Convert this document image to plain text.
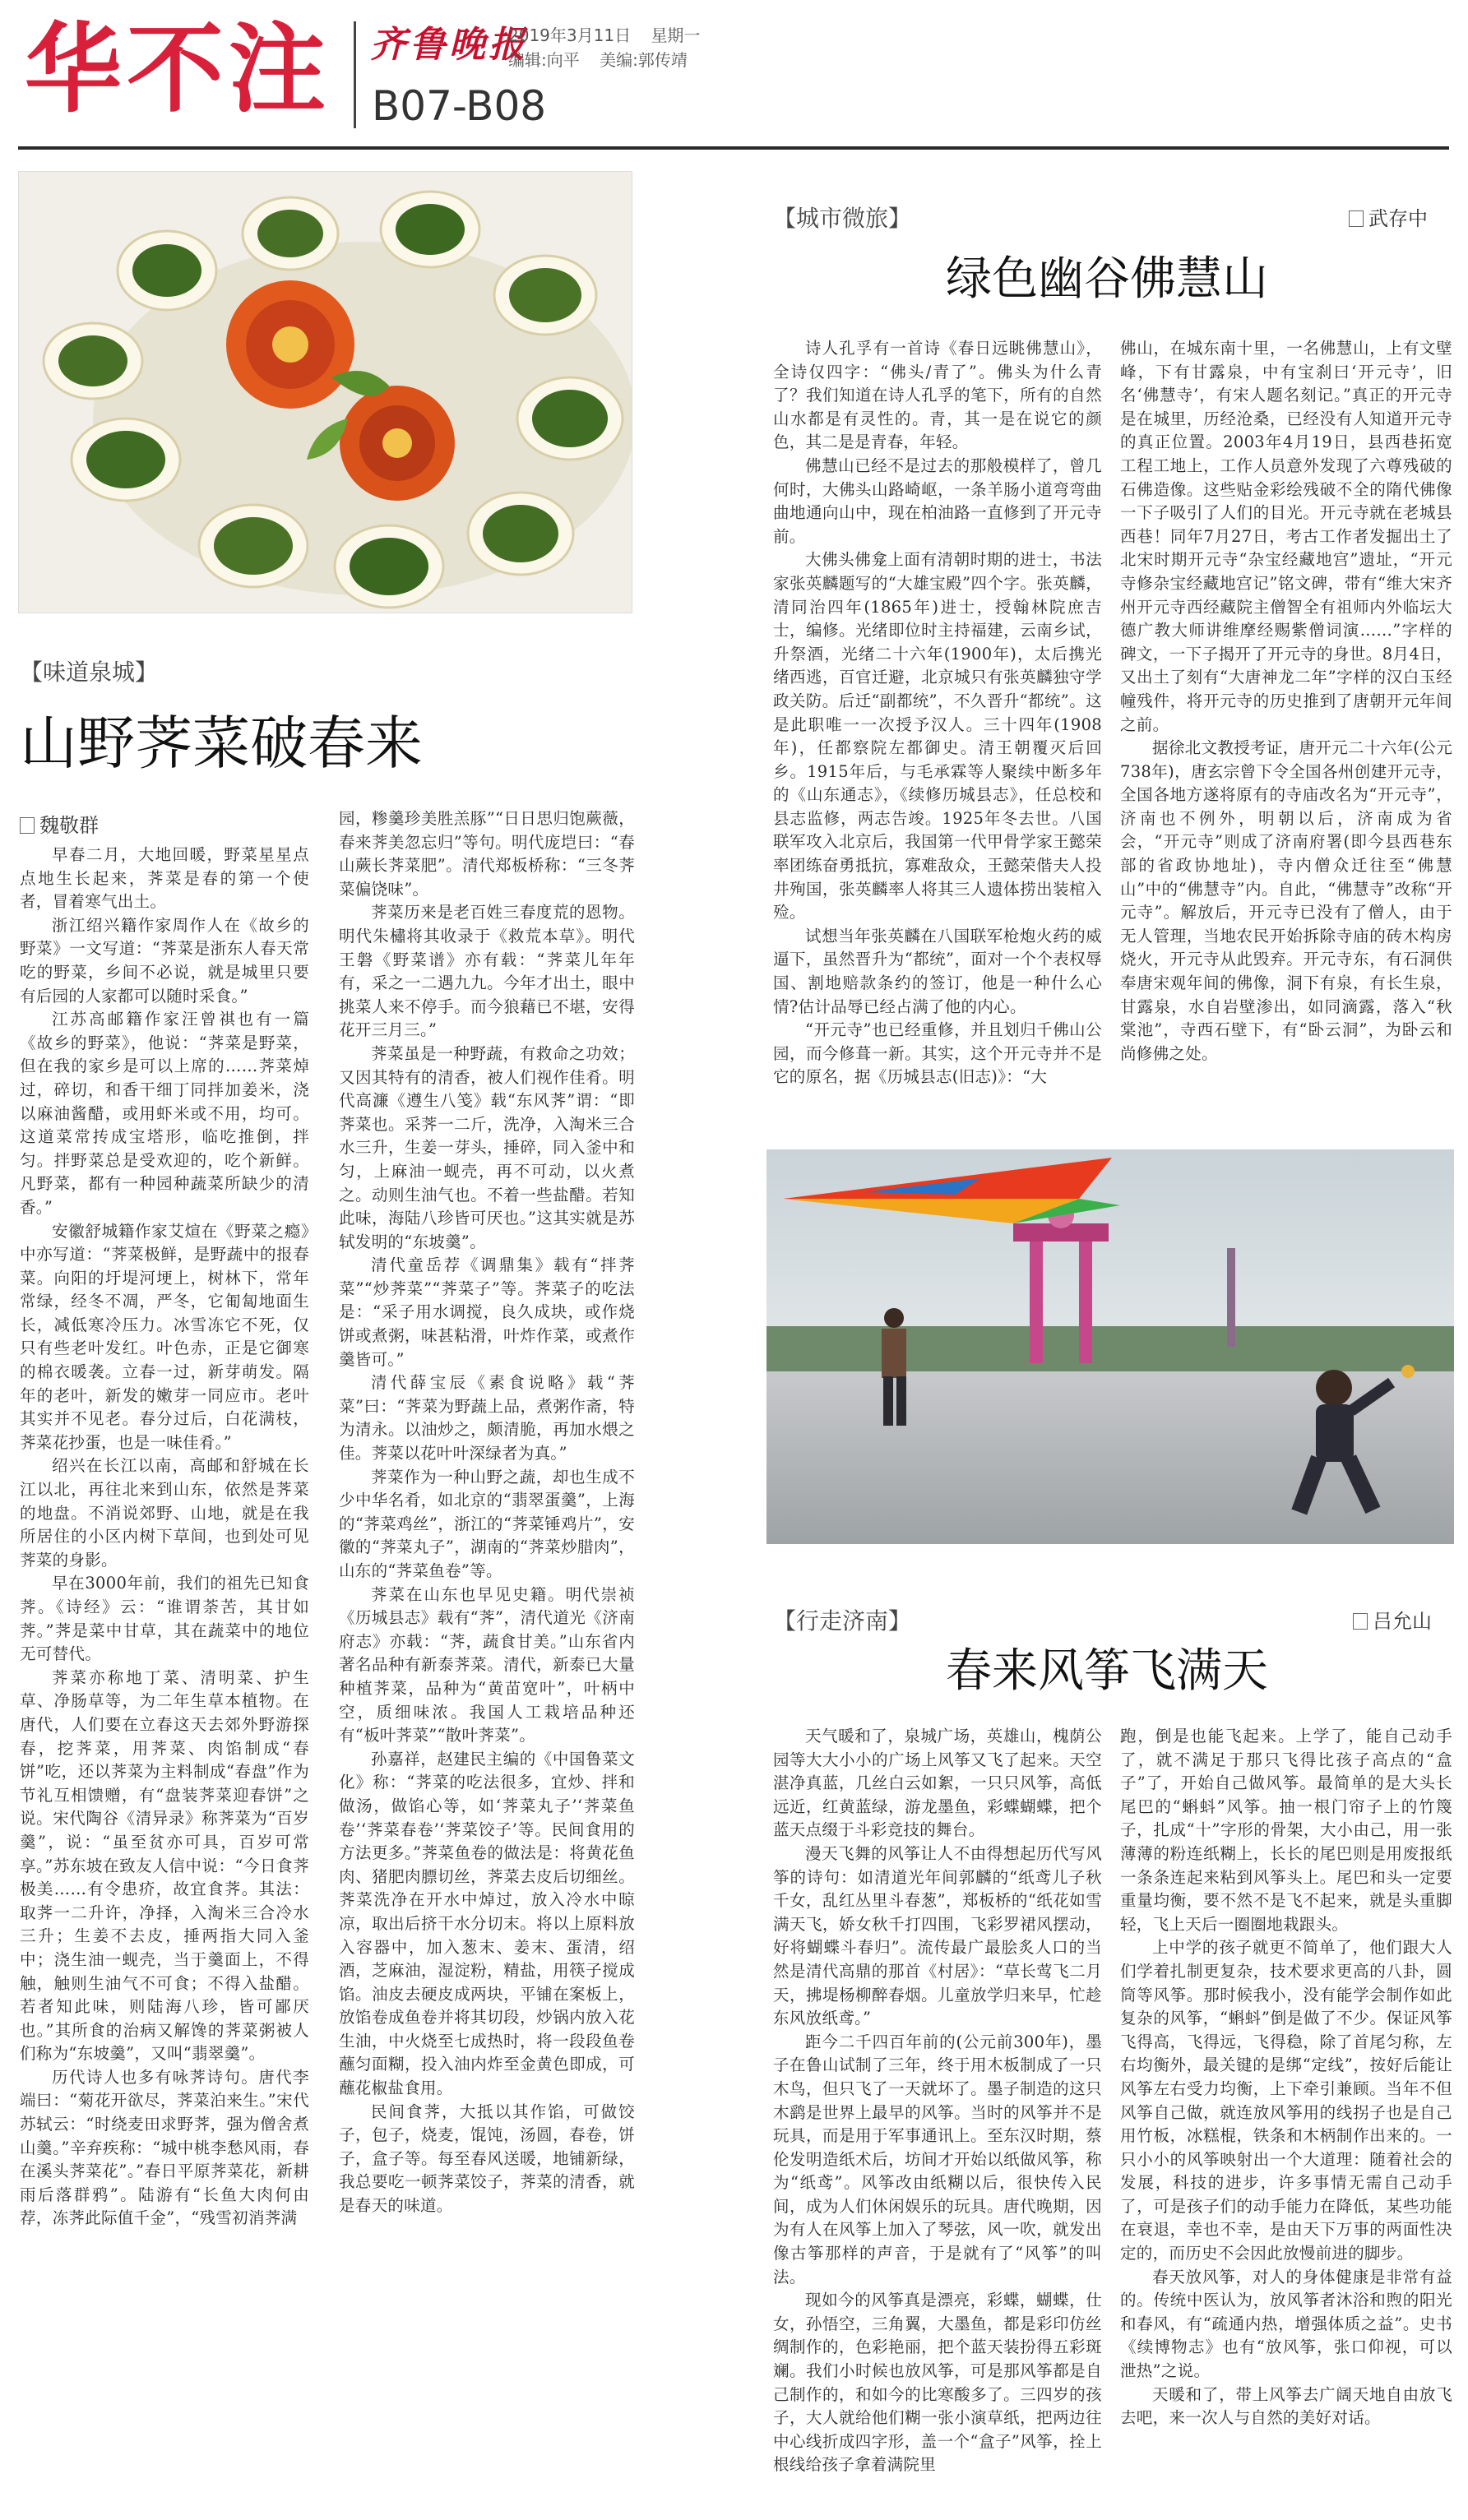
华不注 齐鲁晚报
2019年3月11日 星期一
编辑:向平 美编:郭传靖
B07-B08
【味道泉城】
山野荠菜破春来
魏敬群

早春二月，大地回暖，野菜星星点点地生长起来，荠菜是春的第一个使者，冒着寒气出土。

浙江绍兴籍作家周作人在《故乡的野菜》一文写道：“荠菜是浙东人春天常吃的野菜，乡间不必说，就是城里只要有后园的人家都可以随时采食。”

江苏高邮籍作家汪曾祺也有一篇《故乡的野菜》，他说：“荠菜是野菜，但在我的家乡是可以上席的……荠菜焯过，碎切，和香干细丁同拌加姜米，浇以麻油酱醋，或用虾米或不用，均可。这道菜常抟成宝塔形，临吃推倒，拌匀。拌野菜总是受欢迎的，吃个新鲜。凡野菜，都有一种园种蔬菜所缺少的清香。”

安徽舒城籍作家艾煊在《野菜之瘾》中亦写道：“荠菜极鲜，是野蔬中的报春菜。向阳的圩堤河埂上，树林下，常年常绿，经冬不凋，严冬，它匍匐地面生长，减低寒冷压力。冰雪冻它不死，仅只有些老叶发红。叶色赤，正是它御寒的棉衣暖袭。立春一过，新芽萌发。隔年的老叶，新发的嫩芽一同应市。老叶其实并不见老。春分过后，白花满枝，荠菜花抄蛋，也是一味佳肴。”

绍兴在长江以南，高邮和舒城在长江以北，再往北来到山东，依然是荠菜的地盘。不消说郊野、山地，就是在我所居住的小区内树下草间，也到处可见荠菜的身影。

早在3000年前，我们的祖先已知食荠。《诗经》云：“谁谓荼苦，其甘如荠。”荠是菜中甘草，其在蔬菜中的地位无可替代。

荠菜亦称地丁菜、清明菜、护生草、净肠草等，为二年生草本植物。在唐代，人们要在立春这天去郊外野游探春，挖荠菜，用荠菜、肉馅制成“春饼”吃，还以荠菜为主料制成“春盘”作为节礼互相馈赠，有“盘装荠菜迎春饼”之说。宋代陶谷《清异录》称荠菜为“百岁羹”，说：“虽至贫亦可具，百岁可常享。”苏东坡在致友人信中说：“今日食荠极美……有令患疥，故宜食荠。其法：取荠一二升许，净择，入淘米三合冷水三升；生姜不去皮，捶两指大同入釜中；浇生油一蚬壳，当于羹面上，不得触，触则生油气不可食；不得入盐醋。若者知此味，则陆海八珍，皆可鄙厌也。”其所食的治病又解馋的荠菜粥被人们称为“东坡羹”，又叫“翡翠羹”。

历代诗人也多有咏荠诗句。唐代李端曰：“菊花开欲尽，荠菜泊来生。”宋代苏轼云：“时绕麦田求野荠，强为僧舍煮山羹。”辛弃疾称：“城中桃李愁风雨，春在溪头荠菜花”。”春日平原荠菜花，新耕雨后落群鸦”。陆游有“长鱼大肉何由荐，冻荠此际值千金”，“残雪初消荠满

园，糁羹珍美胜羔豚”“日日思归饱蕨薇，春来荠美忽忘归”等句。明代庞垲曰：“春山蕨长荠菜肥”。清代郑板桥称：“三冬荠菜偏饶味”。

荠菜历来是老百姓三春度荒的恩物。明代朱橚将其收录于《救荒本草》。明代王磐《野菜谱》亦有载：“荠菜儿年年有，采之一二遇九九。今年才出土，眼中挑菜人来不停手。而今狼藉已不堪，安得花开三月三。”

荠菜虽是一种野蔬，有救命之功效；又因其特有的清香，被人们视作佳肴。明代高濂《遵生八笺》载“东风荠”谓：“即荠菜也。采荠一二斤，洗净，入淘米三合水三升，生姜一芽头，捶碎，同入釜中和匀，上麻油一蚬壳，再不可动，以火煮之。动则生油气也。不着一些盐醋。若知此味，海陆八珍皆可厌也。”这其实就是苏轼发明的“东坡羹”。

清代童岳荐《调鼎集》载有“拌荠菜”“炒荠菜”“荠菜子”等。荠菜子的吃法是：“采子用水调搅，良久成块，或作烧饼或煮粥，味甚粘滑，叶炸作菜，或煮作羹皆可。”

清代薛宝辰《素食说略》载“荠菜”曰：“荠菜为野蔬上品，煮粥作斋，特为清永。以油炒之，颇清脆，再加水煨之佳。荠菜以花叶叶深绿者为真。”

荠菜作为一种山野之蔬，却也生成不少中华名肴，如北京的“翡翠蛋羹”，上海的“荠菜鸡丝”，浙江的“荠菜锤鸡片”，安徽的“荠菜丸子”，湖南的“荠菜炒腊肉”，山东的“荠菜鱼卷”等。

荠菜在山东也早见史籍。明代崇祯《历城县志》载有“荠”，清代道光《济南府志》亦载：“荠，蔬食甘美。”山东省内著名品种有新泰荠菜。清代，新泰已大量种植荠菜，品种为“黄苗宽叶”，叶柄中空，质细味浓。我国人工栽培品种还有“板叶荠菜”“散叶荠菜”。

孙嘉祥，赵建民主编的《中国鲁菜文化》称：“荠菜的吃法很多，宜炒、拌和做汤，做馅心等，如‘荠菜丸子’‘荠菜鱼卷’‘荠菜春卷’‘荠菜饺子’等。民间食用的方法更多。”荠菜鱼卷的做法是：将黄花鱼肉、猪肥肉膘切丝，荠菜去皮后切细丝。荠菜洗净在开水中焯过，放入冷水中晾凉，取出后挤干水分切末。将以上原料放入容器中，加入葱末、姜末、蛋清，绍酒，芝麻油，湿淀粉，精盐，用筷子搅成馅。油皮去硬皮成两块，平铺在案板上，放馅卷成鱼卷并将其切段，炒锅内放入花生油，中火烧至七成热时，将一段段鱼卷蘸匀面糊，投入油内炸至金黄色即成，可蘸花椒盐食用。

民间食荠，大抵以其作馅，可做饺子，包子，烧麦，馄饨，汤圆，春卷，饼子，盒子等。每至春风送暖，地铺新绿，我总要吃一顿荠菜饺子，荠菜的清香，就是春天的味道。

【城市微旅】	武存中
绿色幽谷佛慧山

诗人孔孚有一首诗《春日远眺佛慧山》，全诗仅四字：“佛头/青了”。佛头为什么青了？我们知道在诗人孔孚的笔下，所有的自然山水都是有灵性的。青，其一是在说它的颜色，其二是是青春，年轻。

佛慧山已经不是过去的那般模样了，曾几何时，大佛头山路崎岖，一条羊肠小道弯弯曲曲地通向山中，现在柏油路一直修到了开元寺前。

大佛头佛龛上面有清朝时期的进士，书法家张英麟题写的“大雄宝殿”四个字。张英麟，清同治四年(1865年)进士，授翰林院庶吉士，编修。光绪即位时主持福建，云南乡试，升祭酒，光绪二十六年(1900年)，太后携光绪西逃，百官迁避，北京城只有张英麟独守学政关防。后迁“副都统”，不久晋升“都统”。这是此职唯一一次授予汉人。三十四年(1908年)，任都察院左都御史。清王朝覆灭后回乡。1915年后，与毛承霖等人聚续中断多年的《山东通志》，《续修历城县志》，任总校和县志监修，两志告竣。1925年冬去世。八国联军攻入北京后，我国第一代甲骨学家王懿荣率团练奋勇抵抗，寡难敌众，王懿荣偕夫人投井殉国，张英麟率人将其三人遗体捞出装棺入殓。

试想当年张英麟在八国联军枪炮火药的威逼下，虽然晋升为“都统”，面对一个个表权辱国、割地赔款条约的签订，他是一种什么心情?估计品辱已经占满了他的内心。

“开元寺”也已经重修，并且划归千佛山公园，而今修葺一新。其实，这个开元寺并不是它的原名，据《历城县志(旧志)》：“大

佛山，在城东南十里，一名佛慧山，上有文壁峰，下有甘露泉，中有宝刹曰‘开元寺’，旧名‘佛慧寺’，有宋人题名刻记。”真正的开元寺是在城里，历经沧桑，已经没有人知道开元寺的真正位置。2003年4月19日，县西巷拓宽工程工地上，工作人员意外发现了六尊残破的石佛造像。这些贴金彩绘残破不全的隋代佛像一下子吸引了人们的目光。开元寺就在老城县西巷！同年7月27日，考古工作者发掘出土了北宋时期开元寺“杂宝经藏地宫”遗址，“开元寺修杂宝经藏地宫记”铭文碑，带有“维大宋齐州开元寺西经藏院主僧智全有祖师内外临坛大德广教大师讲维摩经赐紫僧词演……”字样的碑文，一下子揭开了开元寺的身世。8月4日，又出土了刻有“大唐神龙二年”字样的汉白玉经幢残件，将开元寺的历史推到了唐朝开元年间之前。

据徐北文教授考证，唐开元二十六年(公元738年)，唐玄宗曾下令全国各州创建开元寺，全国各地方遂将原有的寺庙改名为“开元寺”，济南也不例外，明朝以后，济南成为省会，“开元寺”则成了济南府署(即今县西巷东部的省政协地址)，寺内僧众迁往至“佛慧山”中的“佛慧寺”内。自此，“佛慧寺”改称“开元寺”。解放后，开元寺已没有了僧人，由于无人管理，当地农民开始拆除寺庙的砖木构房烧火，开元寺从此毁弃。开元寺东，有石洞供奉唐宋观年间的佛像，洞下有泉，有长生泉，甘露泉，水自岩壁渗出，如同滴露，落入“秋棠池”，寺西石壁下，有“卧云洞”，为卧云和尚修佛之处。

【行走济南】	吕允山
春来风筝飞满天

天气暖和了，泉城广场，英雄山，槐荫公园等大大小小的广场上风筝又飞了起来。天空湛净真蓝，几丝白云如絮，一只只风筝，高低远近，红黄蓝绿，游龙墨鱼，彩蝶蝴蝶，把个蓝天点缀于斗彩竞技的舞台。

漫天飞舞的风筝让人不由得想起历代写风筝的诗句：如清道光年间郭麟的“纸鸢儿子秋千女，乱红丛里斗春葱”，郑板桥的“纸花如雪满天飞，娇女秋千打四围，飞彩罗裙风摆动，好将蝴蝶斗春归”。流传最广最脍炙人口的当然是清代高鼎的那首《村居》：“草长莺飞二月天，拂堤杨柳醉春烟。儿童放学归来早，忙趁东风放纸鸢。”

距今二千四百年前的(公元前300年)，墨子在鲁山试制了三年，终于用木板制成了一只木鸟，但只飞了一天就坏了。墨子制造的这只木鹞是世界上最早的风筝。当时的风筝并不是玩具，而是用于军事通讯上。至东汉时期，蔡伦发明造纸术后，坊间才开始以纸做风筝，称为“纸鸢”。风筝改由纸糊以后，很快传入民间，成为人们休闲娱乐的玩具。唐代晚期，因为有人在风筝上加入了琴弦，风一吹，就发出像古筝那样的声音，于是就有了“风筝”的叫法。

现如今的风筝真是漂亮，彩蝶，蝴蝶，仕女，孙悟空，三角翼，大墨鱼，都是彩印仿丝绸制作的，色彩艳丽，把个蓝天装扮得五彩斑斓。我们小时候也放风筝，可是那风筝都是自己制作的，和如今的比寒酸多了。三四岁的孩子，大人就给他们糊一张小演草纸，把两边往中心线折成四字形，盖一个“盒子”风筝，拴上根线给孩子拿着满院里

跑，倒是也能飞起来。上学了，能自己动手了，就不满足于那只飞得比孩子高点的“盒子”了，开始自己做风筝。最简单的是大头长尾巴的“蝌蚪”风筝。抽一根门帘子上的竹篾子，扎成“十”字形的骨架，大小由己，用一张薄薄的粉连纸糊上，长长的尾巴则是用废报纸一条条连起来粘到风筝头上。尾巴和头一定要重量均衡，要不然不是飞不起来，就是头重脚轻，飞上天后一圈圈地栽跟头。

上中学的孩子就更不简单了，他们跟大人们学着扎制更复杂，技术要求更高的八卦，圆筒等风筝。那时候我小，没有能学会制作如此复杂的风筝，“蝌蚪”倒是做了不少。保证风筝飞得高，飞得远，飞得稳，除了首尾匀称，左右均衡外，最关键的是绑“定线”，按好后能让风筝左右受力均衡，上下牵引兼顾。当年不但风筝自己做，就连放风筝用的线拐子也是自己用竹板，冰糕棍，铁条和木柄制作出来的。一只小小的风筝映射出一个大道理：随着社会的发展，科技的进步，许多事情无需自己动手了，可是孩子们的动手能力在降低，某些功能在衰退，幸也不幸，是由天下万事的两面性决定的，而历史不会因此放慢前进的脚步。

春天放风筝，对人的身体健康是非常有益的。传统中医认为，放风筝者沐浴和煦的阳光和春风，有“疏通内热，增强体质之益”。史书《续博物志》也有“放风筝，张口仰视，可以泄热”之说。

天暖和了，带上风筝去广阔天地自由放飞去吧，来一次人与自然的美好对话。
